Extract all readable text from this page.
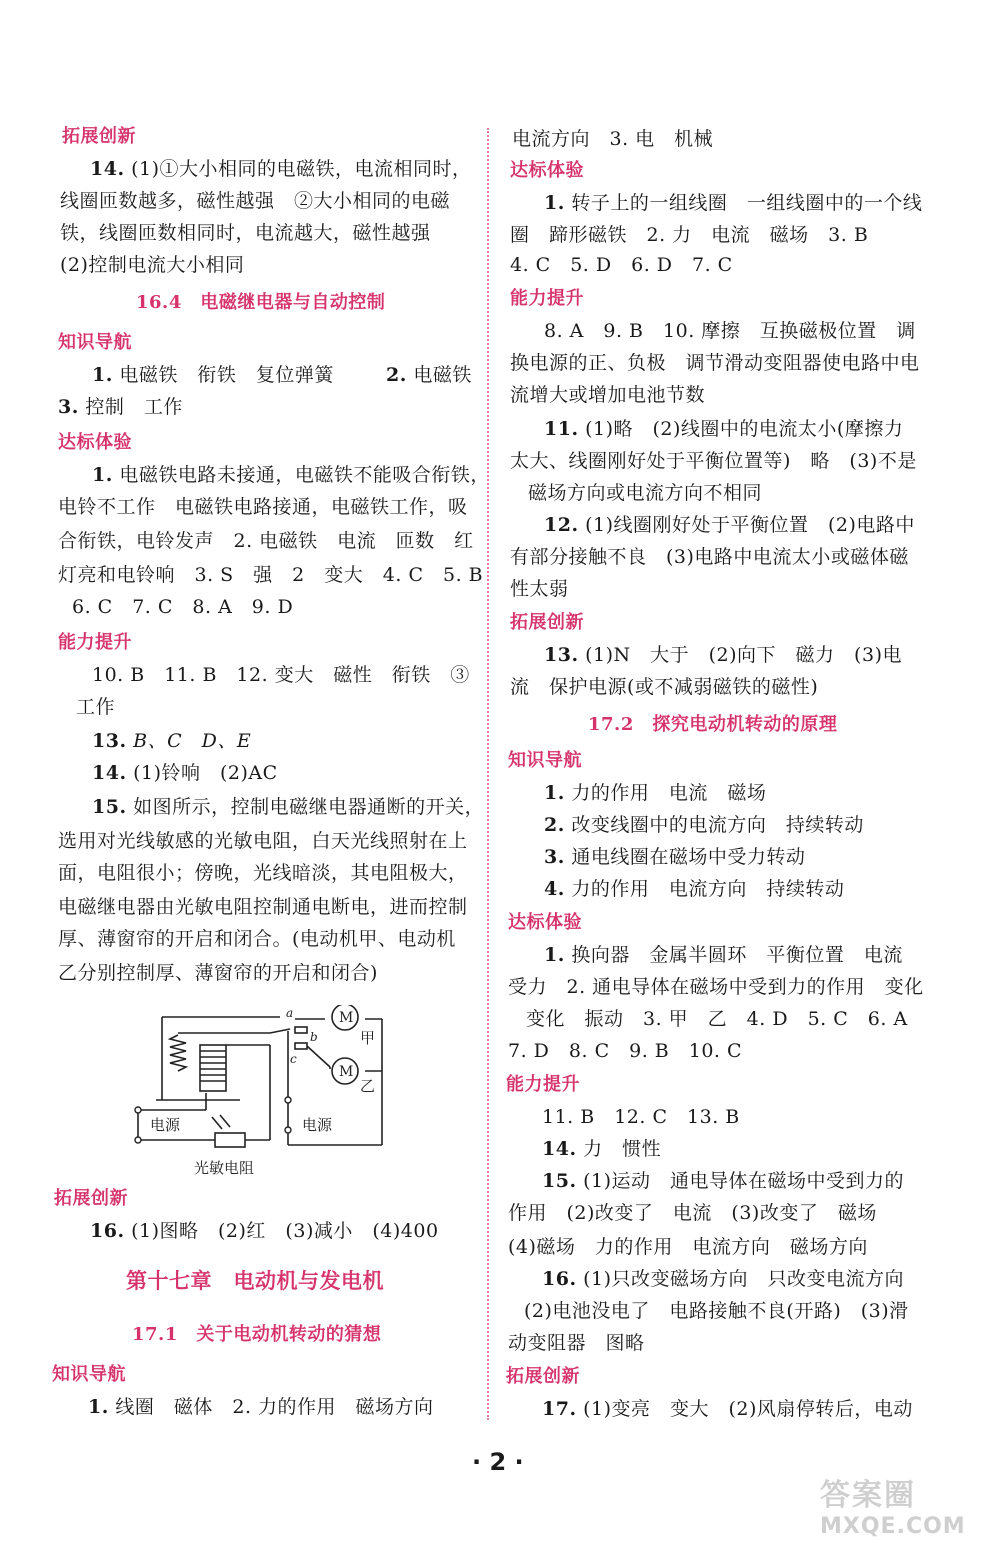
拓展创新
14. (1)①大小相同的电磁铁，电流相同时，
线圈匝数越多，磁性越强　②大小相同的电磁
铁，线圈匝数相同时，电流越大，磁性越强
(2)控制电流大小相同
16.4　电磁继电器与自动控制
知识导航
1. 电磁铁　衔铁　复位弹簧	2. 电磁铁
3. 控制　工作
达标体验
1. 电磁铁电路未接通，电磁铁不能吸合衔铁，
电铃不工作　电磁铁电路接通，电磁铁工作，吸
合衔铁，电铃发声　2. 电磁铁　电流　匝数　红
灯亮和电铃响　3. S　强　2　变大　4. C　5. B
6. C　7. C　8. A　9. D
能力提升
10. B　11. B　12. 变大　磁性　衔铁　③
工作
13. B、C　D、E
14. (1)铃响　(2)AC
15. 如图所示，控制电磁继电器通断的开关，
选用对光线敏感的光敏电阻，白天光线照射在上
面，电阻很小；傍晚，光线暗淡，其电阻极大，
电磁继电器由光敏电阻控制通电断电，进而控制
厚、薄窗帘的开启和闭合。(电动机甲、电动机
乙分别控制厚、薄窗帘的开启和闭合)
拓展创新
16. (1)图略　(2)红　(3)减小　(4)400
第十七章　电动机与发电机
17.1　关于电动机转动的猜想
知识导航
1. 线圈　磁体　2. 力的作用　磁场方向
电流方向　3. 电　机械
达标体验
1. 转子上的一组线圈　一组线圈中的一个线
圈　蹄形磁铁　2. 力　电流　磁场　3. B
4. C　5. D　6. D　7. C
能力提升
8. A　9. B　10. 摩擦　互换磁极位置　调
换电源的正、负极　调节滑动变阻器使电路中电
流增大或增加电池节数
11. (1)略　(2)线圈中的电流太小(摩擦力
太大、线圈刚好处于平衡位置等)　略　(3)不是
磁场方向或电流方向不相同
12. (1)线圈刚好处于平衡位置　(2)电路中
有部分接触不良　(3)电路中电流太小或磁体磁
性太弱
拓展创新
13. (1)N　大于　(2)向下　磁力　(3)电
流　保护电源(或不减弱磁铁的磁性)
17.2　探究电动机转动的原理
知识导航
1. 力的作用　电流　磁场
2. 改变线圈中的电流方向　持续转动
3. 通电线圈在磁场中受力转动
4. 力的作用　电流方向　持续转动
达标体验
1. 换向器　金属半圆环　平衡位置　电流
受力　2. 通电导体在磁场中受到力的作用　变化
变化　振动　3. 甲　乙　4. D　5. C　6. A
7. D　8. C　9. B　10. C
能力提升
11. B　12. C　13. B
14. 力　惯性
15. (1)运动　通电导体在磁场中受到力的
作用　(2)改变了　电流　(3)改变了　磁场
(4)磁场　力的作用　电流方向　磁场方向
16. (1)只改变磁场方向　只改变电流方向
(2)电池没电了　电路接触不良(开路)　(3)滑
动变阻器　图略
拓展创新
17. (1)变亮　变大　(2)风扇停转后，电动
M
M
甲
乙
a
b
c
电源	电源
光敏电阻
· 2 ·
答案圈
MXQE.COM
